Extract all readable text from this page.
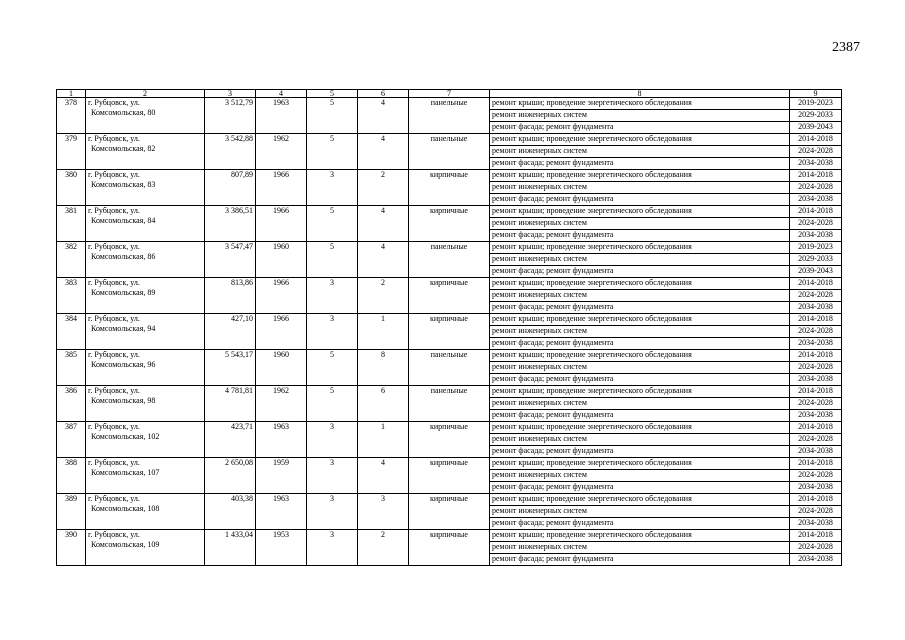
2387
1	2	3	4	5	6	7	8	9
378	г. Рубцовск, ул.
Комсомольская, 80	3 512,79	1963	5	4	панельные	ремонт крыши; проведение энергетического обследования	2019-2023
							ремонт инженерных систем	2029-2033
							ремонт фасада; ремонт фундамента	2039-2043
379	г. Рубцовск, ул.
Комсомольская, 82	3 542,88	1962	5	4	панельные	ремонт крыши; проведение энергетического обследования	2014-2018
							ремонт инженерных систем	2024-2028
							ремонт фасада; ремонт фундамента	2034-2038
380	г. Рубцовск, ул.
Комсомольская, 83	807,89	1966	3	2	кирпичные	ремонт крыши; проведение энергетического обследования	2014-2018
							ремонт инженерных систем	2024-2028
							ремонт фасада; ремонт фундамента	2034-2038
381	г. Рубцовск, ул.
Комсомольская, 84	3 386,51	1966	5	4	кирпичные	ремонт крыши; проведение энергетического обследования	2014-2018
							ремонт инженерных систем	2024-2028
							ремонт фасада; ремонт фундамента	2034-2038
382	г. Рубцовск, ул.
Комсомольская, 86	3 547,47	1960	5	4	панельные	ремонт крыши; проведение энергетического обследования	2019-2023
							ремонт инженерных систем	2029-2033
							ремонт фасада; ремонт фундамента	2039-2043
383	г. Рубцовск, ул.
Комсомольская, 89	813,86	1966	3	2	кирпичные	ремонт крыши; проведение энергетического обследования	2014-2018
							ремонт инженерных систем	2024-2028
							ремонт фасада; ремонт фундамента	2034-2038
384	г. Рубцовск, ул.
Комсомольская, 94	427,10	1966	3	1	кирпичные	ремонт крыши; проведение энергетического обследования	2014-2018
							ремонт инженерных систем	2024-2028
							ремонт фасада; ремонт фундамента	2034-2038
385	г. Рубцовск, ул.
Комсомольская, 96	5 543,17	1960	5	8	панельные	ремонт крыши; проведение энергетического обследования	2014-2018
							ремонт инженерных систем	2024-2028
							ремонт фасада; ремонт фундамента	2034-2038
386	г. Рубцовск, ул.
Комсомольская, 98	4 781,81	1962	5	6	панельные	ремонт крыши; проведение энергетического обследования	2014-2018
							ремонт инженерных систем	2024-2028
							ремонт фасада; ремонт фундамента	2034-2038
387	г. Рубцовск, ул.
Комсомольская, 102	423,71	1963	3	1	кирпичные	ремонт крыши; проведение энергетического обследования	2014-2018
							ремонт инженерных систем	2024-2028
							ремонт фасада; ремонт фундамента	2034-2038
388	г. Рубцовск, ул.
Комсомольская, 107	2 650,08	1959	3	4	кирпичные	ремонт крыши; проведение энергетического обследования	2014-2018
							ремонт инженерных систем	2024-2028
							ремонт фасада; ремонт фундамента	2034-2038
389	г. Рубцовск, ул.
Комсомольская, 108	403,38	1963	3	3	кирпичные	ремонт крыши; проведение энергетического обследования	2014-2018
							ремонт инженерных систем	2024-2028
							ремонт фасада; ремонт фундамента	2034-2038
390	г. Рубцовск, ул.
Комсомольская, 109	1 433,04	1953	3	2	кирпичные	ремонт крыши; проведение энергетического обследования	2014-2018
							ремонт инженерных систем	2024-2028
							ремонт фасада; ремонт фундамента	2034-2038
